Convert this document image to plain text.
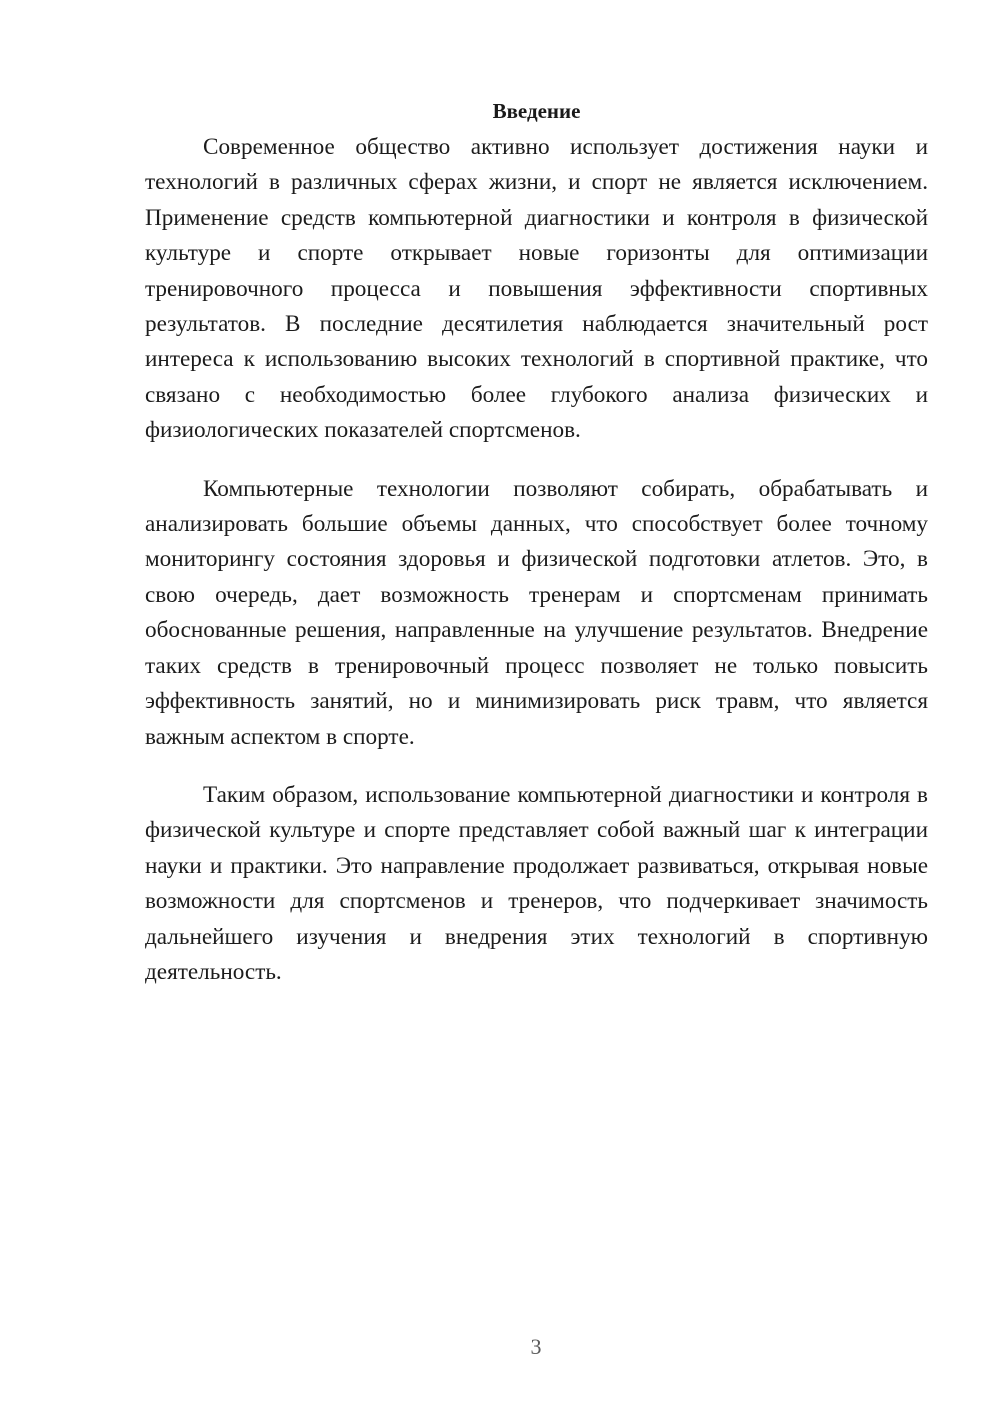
Введение

Современное общество активно использует достижения науки и технологий в различных сферах жизни, и спорт не является исключением. Применение средств компьютерной диагностики и контроля в физической культуре и спорте открывает новые горизонты для оптимизации тренировочного процесса и повышения эффективности спортивных результатов. В последние десятилетия наблюдается значительный рост интереса к использованию высоких технологий в спортивной практике, что связано с необходимостью более глубокого анализа физических и физиологических показателей спортсменов.

Компьютерные технологии позволяют собирать, обрабатывать и анализировать большие объемы данных, что способствует более точному мониторингу состояния здоровья и физической подготовки атлетов. Это, в свою очередь, дает возможность тренерам и спортсменам принимать обоснованные решения, направленные на улучшение результатов. Внедрение таких средств в тренировочный процесс позволяет не только повысить эффективность занятий, но и минимизировать риск травм, что является важным аспектом в спорте.

Таким образом, использование компьютерной диагностики и контроля в физической культуре и спорте представляет собой важный шаг к интеграции науки и практики. Это направление продолжает развиваться, открывая новые возможности для спортсменов и тренеров, что подчеркивает значимость дальнейшего изучения и внедрения этих технологий в спортивную деятельность.

3
